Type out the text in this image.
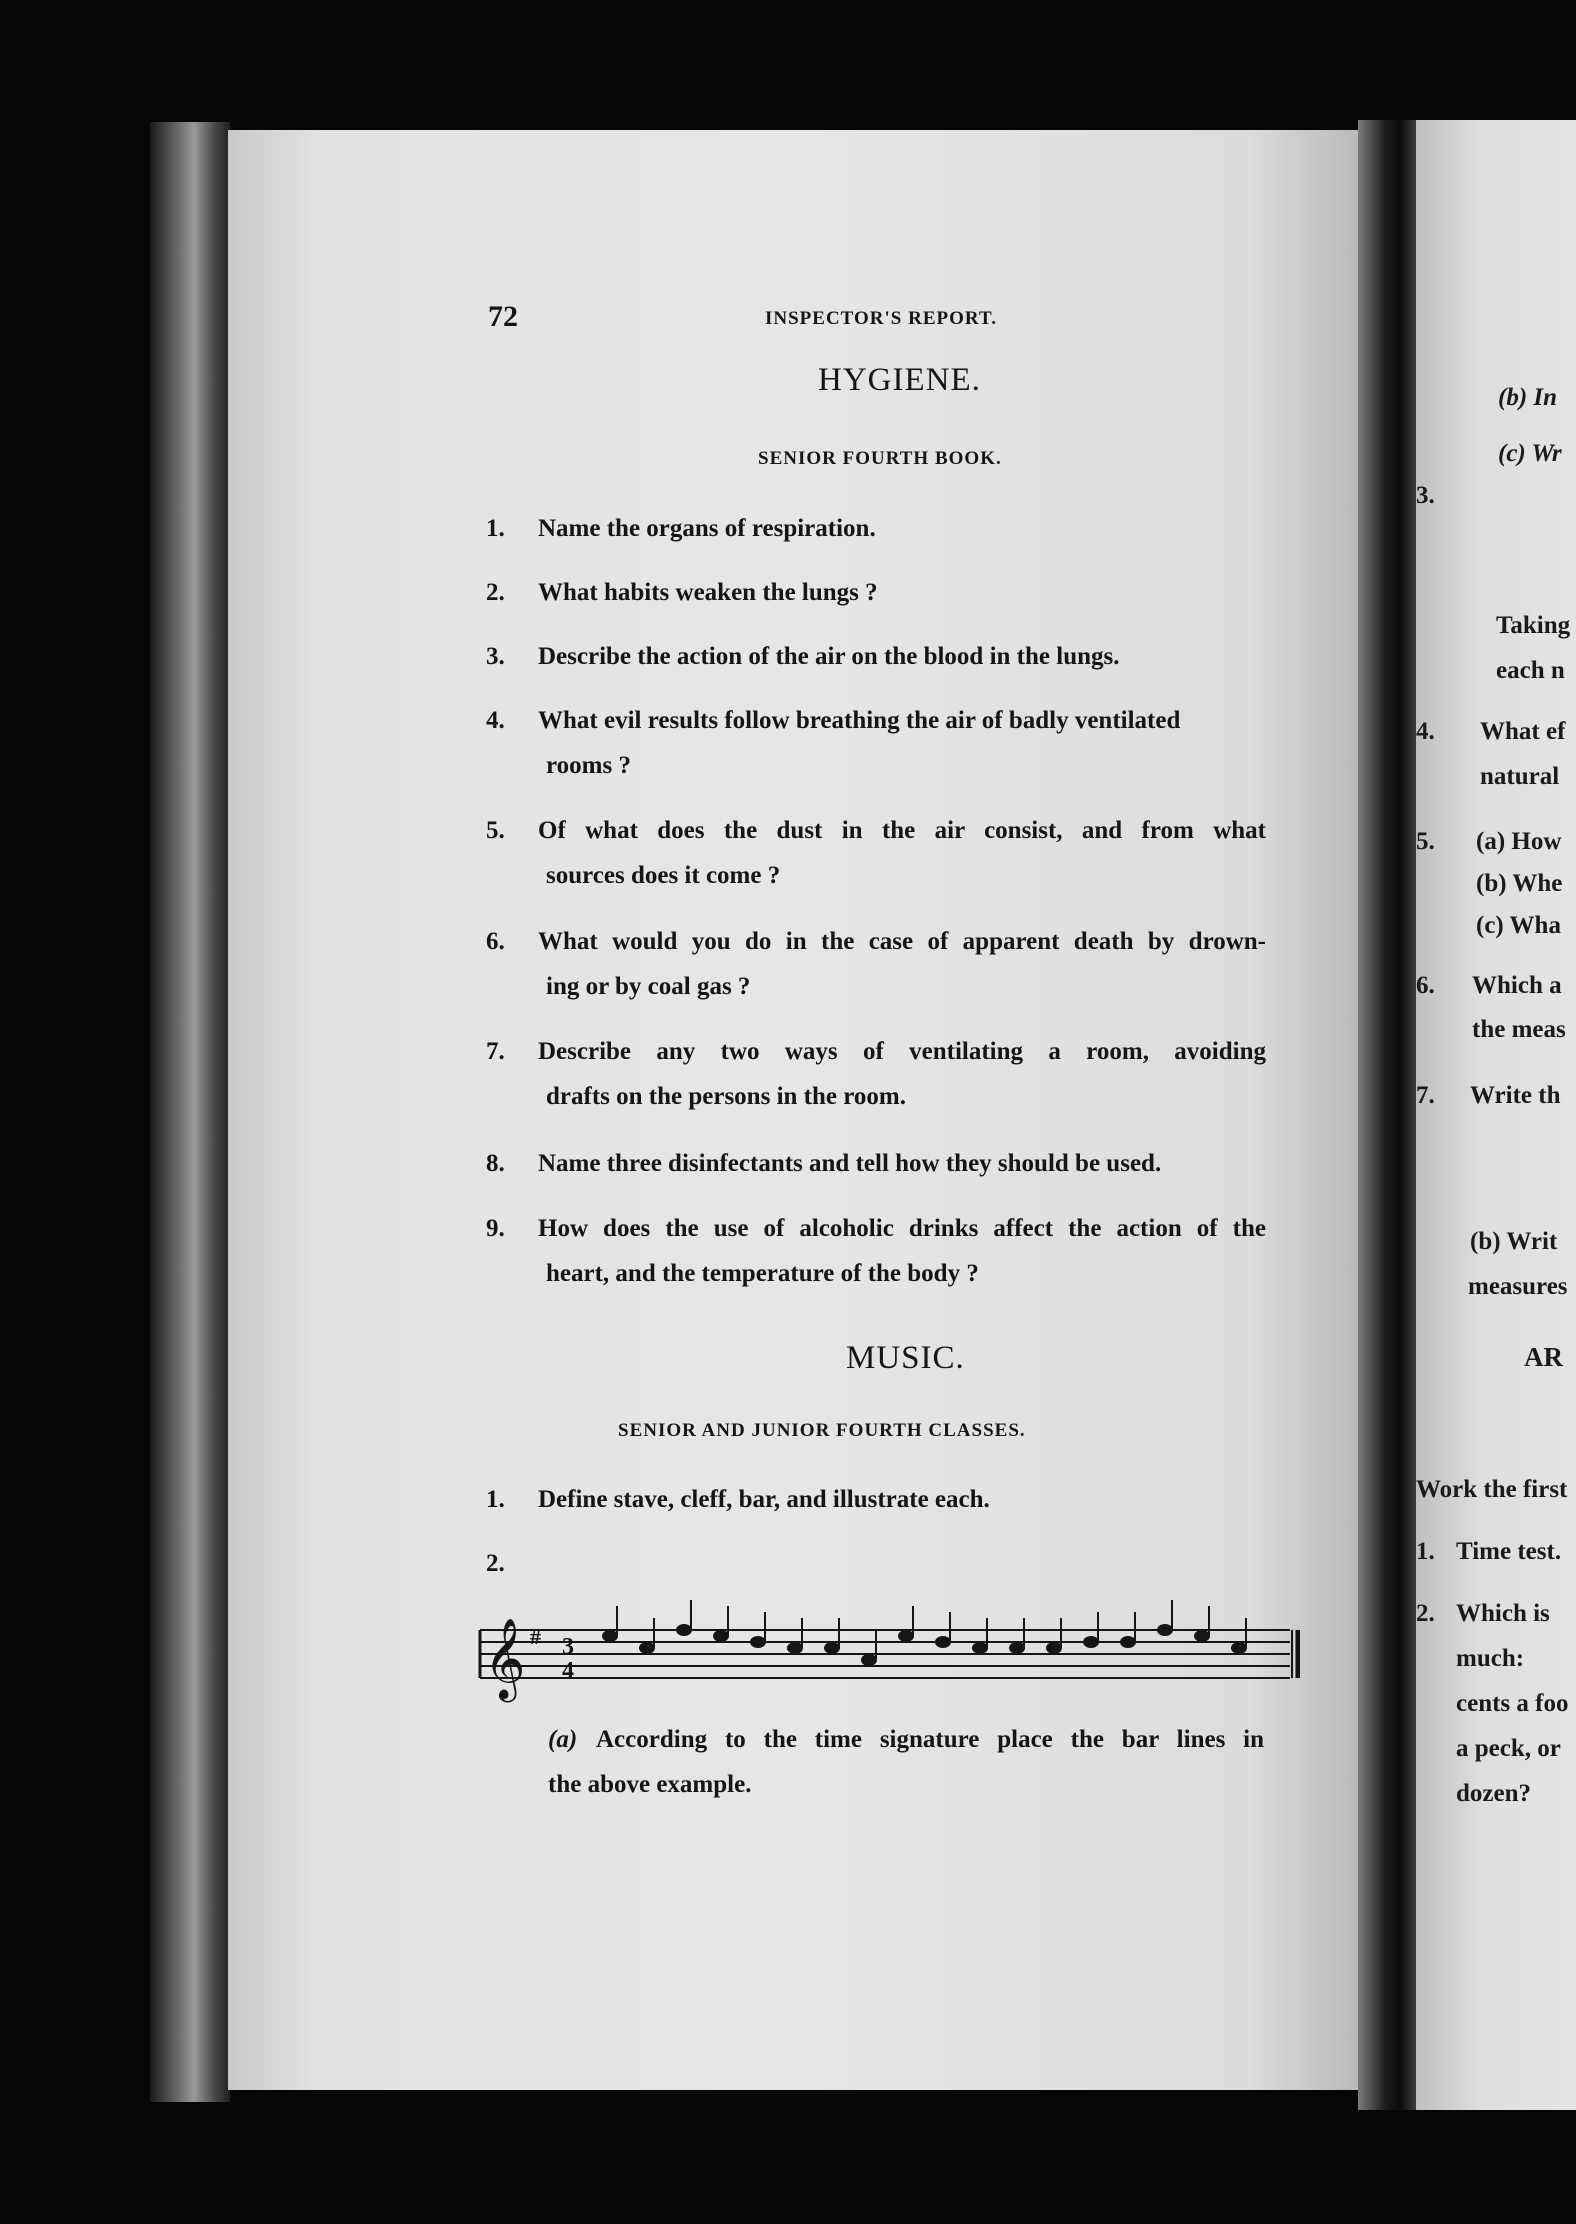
72	INSPECTOR'S REPORT.
HYGIENE.
SENIOR FOURTH BOOK.
1. Name the organs of respiration.
2. What habits weaken the lungs ?
3. Describe the action of the air on the blood in the lungs.
4. What evil results follow breathing the air of badly ventilated
rooms ?
5. Of what does the dust in the air consist, and from what
sources does it come ?
6. What would you do in the case of apparent death by drown-
ing or by coal gas ?
7. Describe any two ways of ventilating a room, avoiding
drafts on the persons in the room.
8. Name three disinfectants and tell how they should be used.
9. How does the use of alcoholic drinks affect the action of the
heart, and the temperature of the body ?
MUSIC.
SENIOR AND JUNIOR FOURTH CLASSES.
1. Define stave, cleff, bar, and illustrate each.
2.
(a) According to the time signature place the bar lines in
the above example.
𝄞 # 3
4
(b) In
(c) Wr
3.
Taking
each n
4. What ef
natural
5. (a) How
(b) Whe
(c) Wha
6. Which a
the meas
7. Write th
(b) Writ
measures
AR
Work the first
1. Time test.
2. Which is
much:
cents a foo
a peck, or
dozen?
